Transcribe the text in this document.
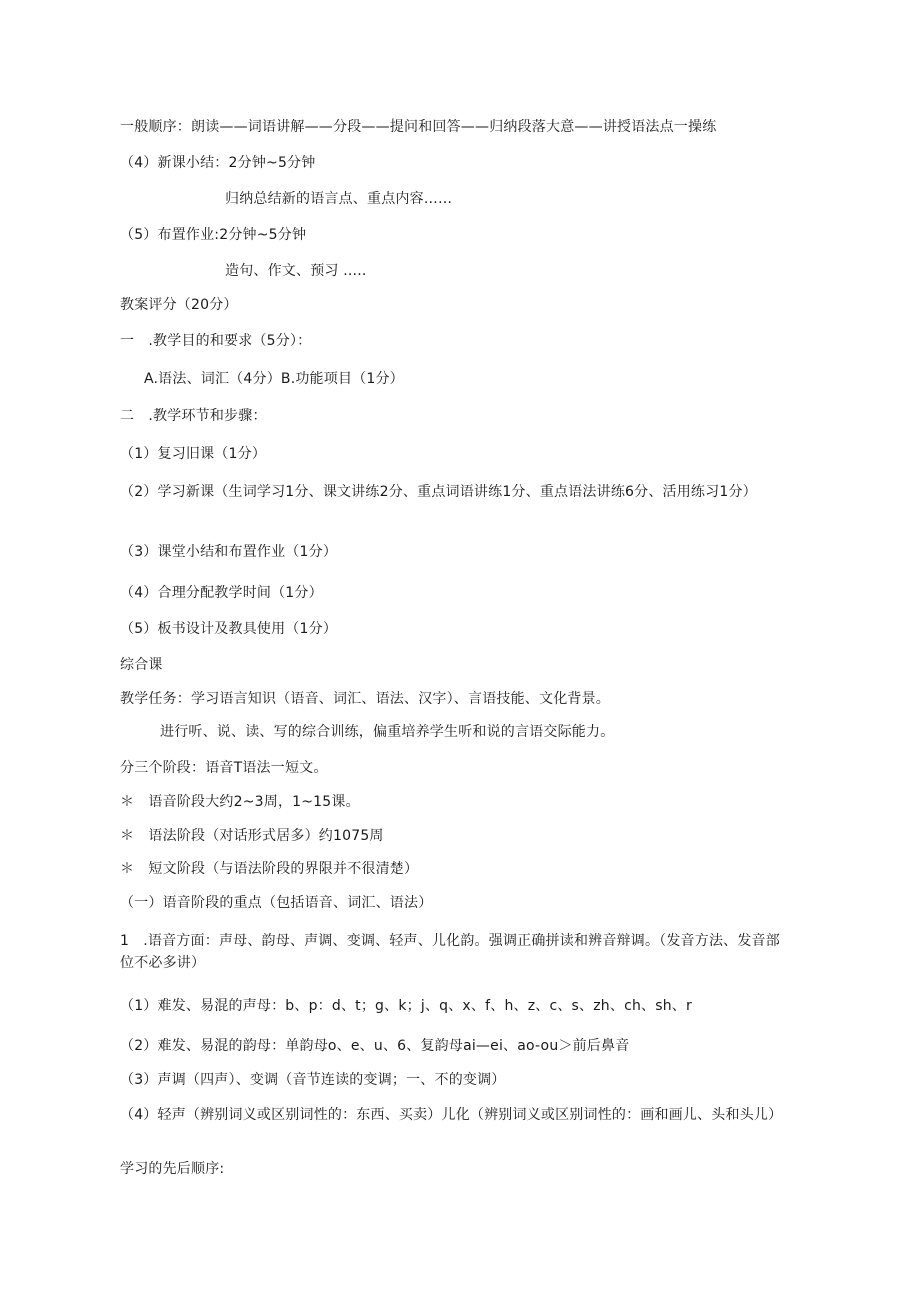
一般顺序：朗读——词语讲解——分段——提问和回答——归纳段落大意——讲授语法点一操练
（4）新课小结：2分钟~5分钟
归纳总结新的语言点、重点内容……
（5）布置作业:2分钟~5分钟
造句、作文、预习 .....
教案评分（20分）
一　.教学目的和要求（5分）：
A.语法、词汇（4分）B.功能项目（1分）
二　.教学环节和步骤：
（1）复习旧课（1分）
（2）学习新课（生词学习1分、课文讲练2分、重点词语讲练1分、重点语法讲练6分、活用练习1分）
（3）课堂小结和布置作业（1分）
（4）合理分配教学时间（1分）
（5）板书设计及教具使用（1分）
综合课
教学任务：学习语言知识（语音、词汇、语法、汉字）、言语技能、文化背景。
进行听、说、读、写的综合训练，偏重培养学生听和说的言语交际能力。
分三个阶段：语音T语法一短文。
＊　语音阶段大约2~3周，1~15课。
＊　语法阶段（对话形式居多）约1075周
＊　短文阶段（与语法阶段的界限并不很清楚）
（一）语音阶段的重点（包括语音、词汇、语法）
1　.语音方面：声母、韵母、声调、变调、轻声、儿化韵。强调正确拼读和辨音辩调。（发音方法、发音部位不必多讲）
（1）难发、易混的声母：b、p：d、t；g、k；j、q、x、f、h、z、c、s、zh、ch、sh、r
（2）难发、易混的韵母：单韵母o、e、u、6、复韵母ai—ei、ao-ou＞前后鼻音
（3）声调（四声）、变调（音节连读的变调；一、不的变调）
（4）轻声（辨别词义或区别词性的：东西、买卖）儿化（辨别词义或区别词性的：画和画儿、头和头儿）
学习的先后顺序:
